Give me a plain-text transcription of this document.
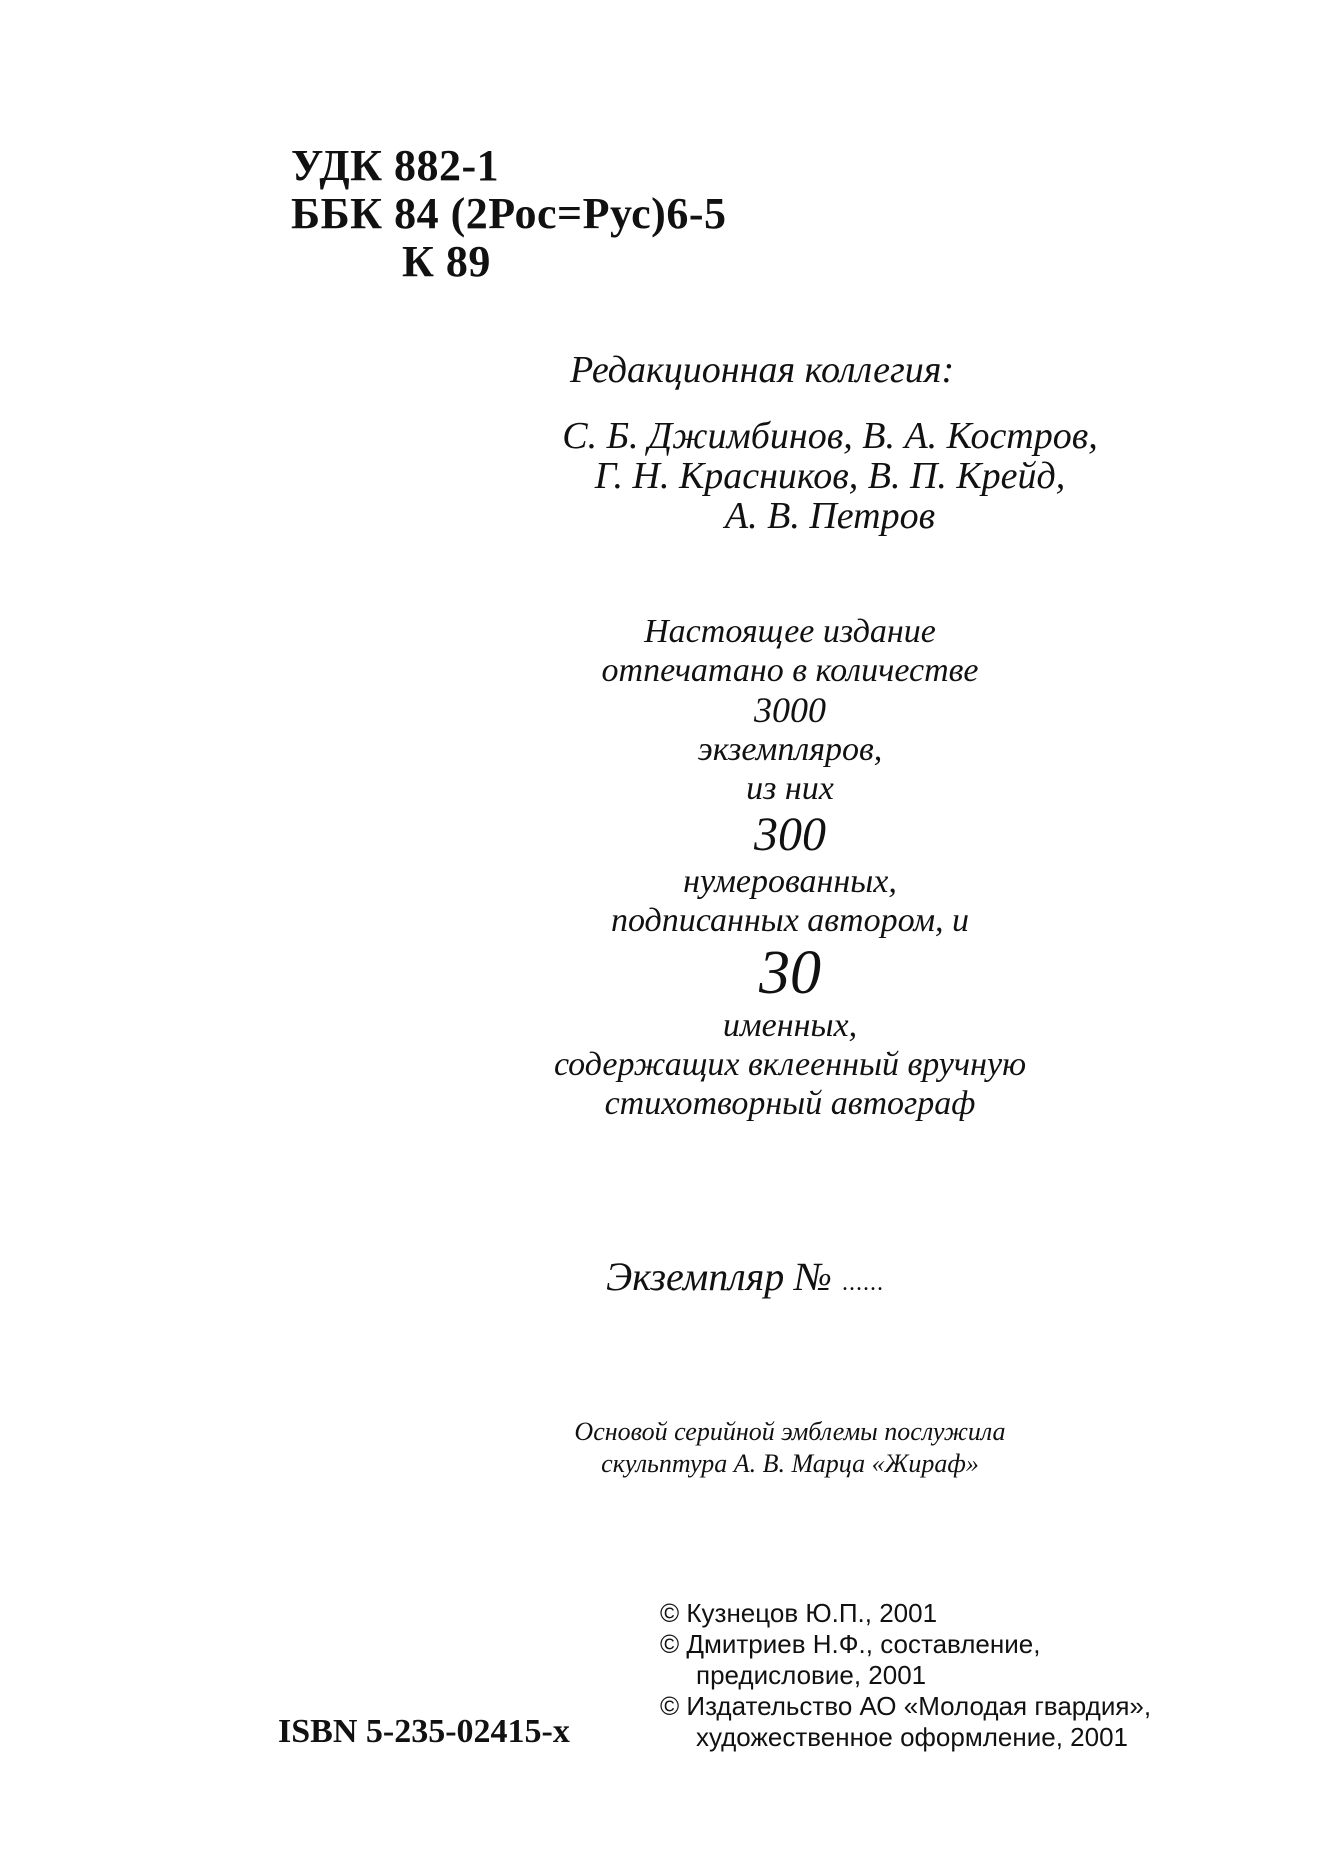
УДК 882-1
ББК 84 (2Рос=Рус)6-5
К 89
Редакционная коллегия:
С. Б. Джимбинов, В. А. Костров,
Г. Н. Красников, В. П. Крейд,
А. В. Петров
Настоящее издание
отпечатано в количестве
3000
экземпляров,
из них
300
нумерованных,
подписанных автором, и
30
именных,
содержащих вклеенный вручную
стихотворный автограф
Экземпляр № ......
Основой серийной эмблемы послужила
скульптура А. В. Марца «Жираф»
© Кузнецов Ю.П., 2001
© Дмитриев Н.Ф., составление,
предисловие, 2001
© Издательство АО «Молодая гвардия»,
художественное оформление, 2001
ISBN 5-235-02415-х
